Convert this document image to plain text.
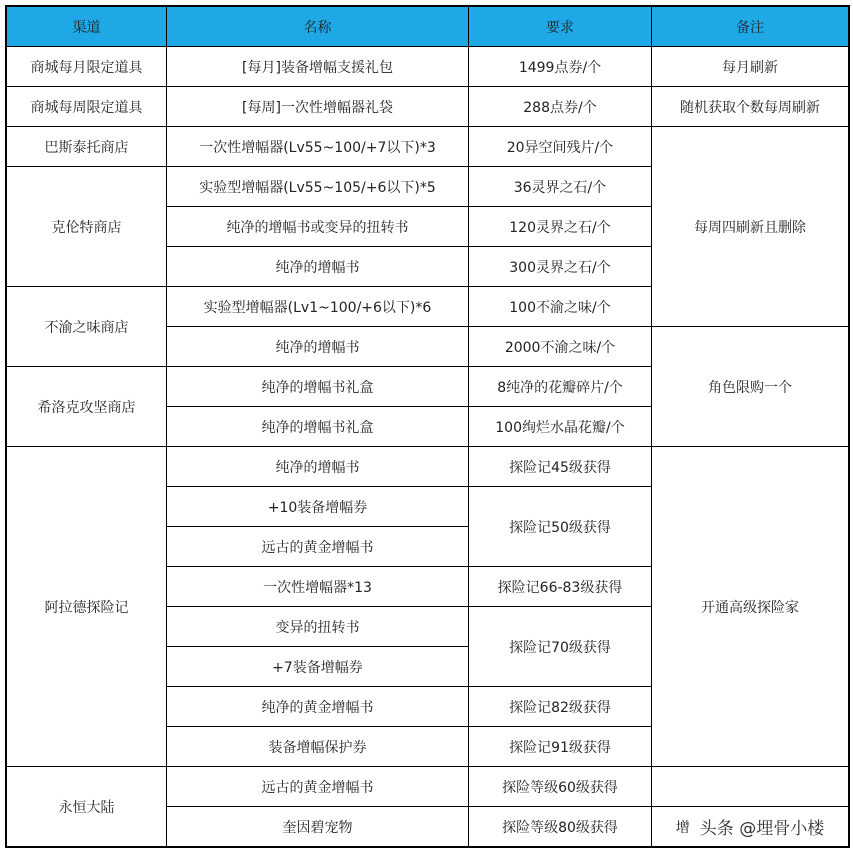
渠道	名称	要求	备注
商城每月限定道具	[每月]装备增幅支援礼包	1499点券/个	每月刷新
商城每周限定道具	[每周]一次性增幅器礼袋	288点券/个	随机获取个数每周刷新
巴斯泰托商店	一次性增幅器(Lv55~100/+7以下)*3	20异空间残片/个	每周四刷新且删除
克伦特商店	实验型增幅器(Lv55~105/+6以下)*5	36灵界之石/个	
	纯净的增幅书或变异的扭转书	120灵界之石/个	
	纯净的增幅书	300灵界之石/个	
不渝之味商店	实验型增幅器(Lv1~100/+6以下)*6	100不渝之味/个	
	纯净的增幅书	2000不渝之味/个	角色限购一个
希洛克攻坚商店	纯净的增幅书礼盒	8纯净的花瓣碎片/个	
	纯净的增幅书礼盒	100绚烂水晶花瓣/个	
阿拉德探险记	纯净的增幅书	探险记45级获得	开通高级探险家
	+10装备增幅券	探险记50级获得	
	远古的黄金增幅书		
	一次性增幅器*13	探险记66-83级获得	
	变异的扭转书	探险记70级获得	
	+7装备增幅券		
	纯净的黄金增幅书	探险记82级获得	
	装备增幅保护券	探险记91级获得	
永恒大陆	远古的黄金增幅书	探险等级60级获得	
	奎因碧宠物	探险等级80级获得	增 头条 @埋骨小楼
